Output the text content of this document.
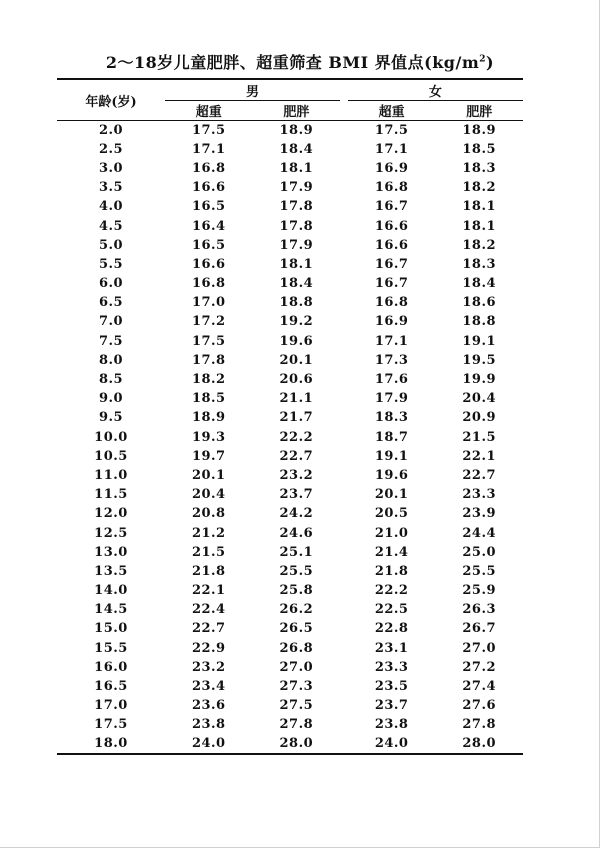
2～18岁儿童肥胖、超重筛查 BMI 界值点$(kg/m^2)$
年龄(岁)	男			女	
	超重	肥胖		超重	肥胖
2.0	17.5	18.9		17.5	18.9
2.5	17.1	18.4		17.1	18.5
3.0	16.8	18.1		16.9	18.3
3.5	16.6	17.9		16.8	18.2
4.0	16.5	17.8		16.7	18.1
4.5	16.4	17.8		16.6	18.1
5.0	16.5	17.9		16.6	18.2
5.5	16.6	18.1		16.7	18.3
6.0	16.8	18.4		16.7	18.4
6.5	17.0	18.8		16.8	18.6
7.0	17.2	19.2		16.9	18.8
7.5	17.5	19.6		17.1	19.1
8.0	17.8	20.1		17.3	19.5
8.5	18.2	20.6		17.6	19.9
9.0	18.5	21.1		17.9	20.4
9.5	18.9	21.7		18.3	20.9
10.0	19.3	22.2		18.7	21.5
10.5	19.7	22.7		19.1	22.1
11.0	20.1	23.2		19.6	22.7
11.5	20.4	23.7		20.1	23.3
12.0	20.8	24.2		20.5	23.9
12.5	21.2	24.6		21.0	24.4
13.0	21.5	25.1		21.4	25.0
13.5	21.8	25.5		21.8	25.5
14.0	22.1	25.8		22.2	25.9
14.5	22.4	26.2		22.5	26.3
15.0	22.7	26.5		22.8	26.7
15.5	22.9	26.8		23.1	27.0
16.0	23.2	27.0		23.3	27.2
16.5	23.4	27.3		23.5	27.4
17.0	23.6	27.5		23.7	27.6
17.5	23.8	27.8		23.8	27.8
18.0	24.0	28.0		24.0	28.0
